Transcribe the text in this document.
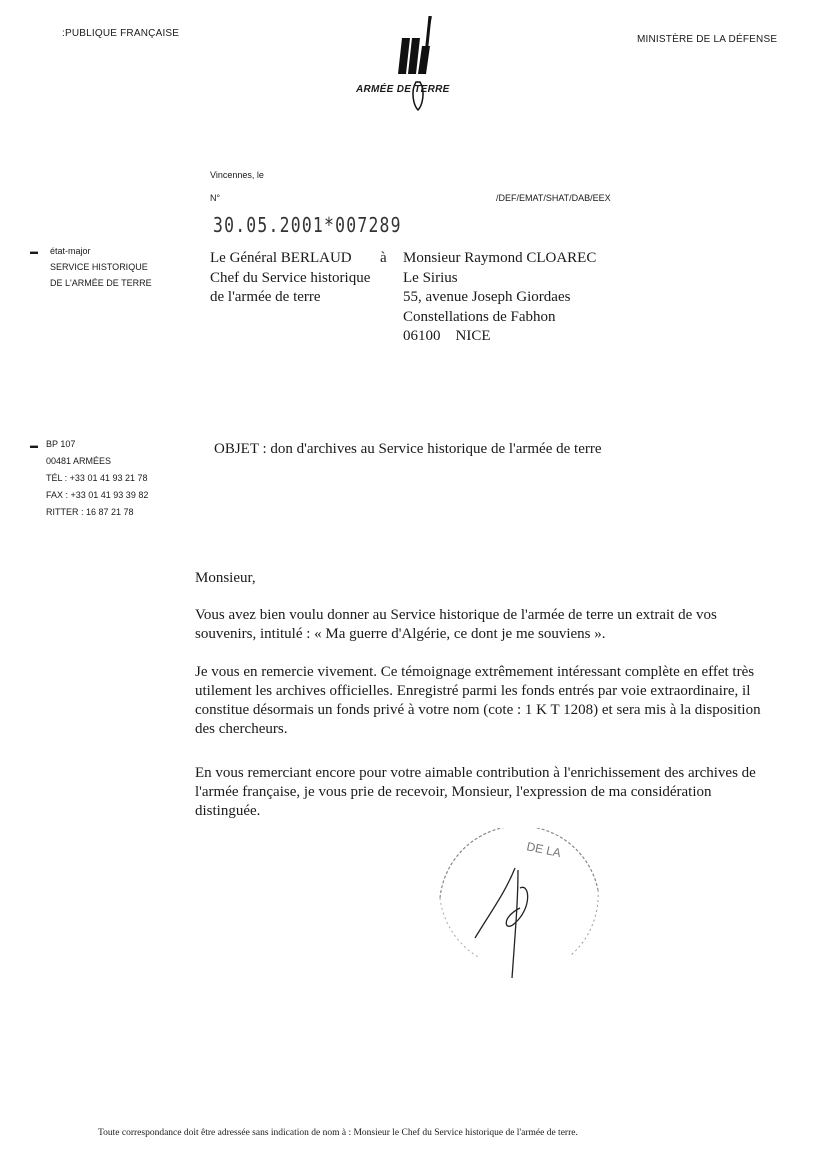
:PUBLIQUE FRANÇAISE
MINISTÈRE DE LA DÉFENSE
ARMÉE DE TERRE
Vincennes, le
N°	/DEF/EMAT/SHAT/DAB/EEX
30.05.2001*007289
▬ état-major
SERVICE HISTORIQUE
DE L'ARMÉE DE TERRE
Le Général BERLAUD	à
Chef du Service historique
de l'armée de terre
Monsieur Raymond CLOAREC
Le Sirius
55, avenue Joseph Giordaes
Constellations de Fabhon
06100    NICE
▬ BP 107
00481 ARMÉES
TÉL : +33 01 41 93 21 78
FAX : +33 01 41 93 39 82
RITTER : 16 87 21 78
OBJET : don d'archives au Service historique de l'armée de terre
Monsieur,
Vous avez bien voulu donner au Service historique de l'armée de terre un extrait de vos souvenirs, intitulé : « Ma guerre d'Algérie, ce dont je me souviens ».
Je vous en remercie vivement. Ce témoignage extrêmement intéressant complète en effet très utilement les archives officielles. Enregistré parmi les fonds entrés par voie extraordinaire, il constitue désormais un fonds privé à votre nom (cote : 1 K T 1208) et sera mis à la disposition des chercheurs.
En vous remerciant encore pour votre aimable contribution à l'enrichissement des archives de l'armée française, je vous prie de recevoir, Monsieur, l'expression de ma considération distinguée.
DE LA
Toute correspondance doit être adressée sans indication de nom à : Monsieur le Chef du Service historique de l'armée de terre.
